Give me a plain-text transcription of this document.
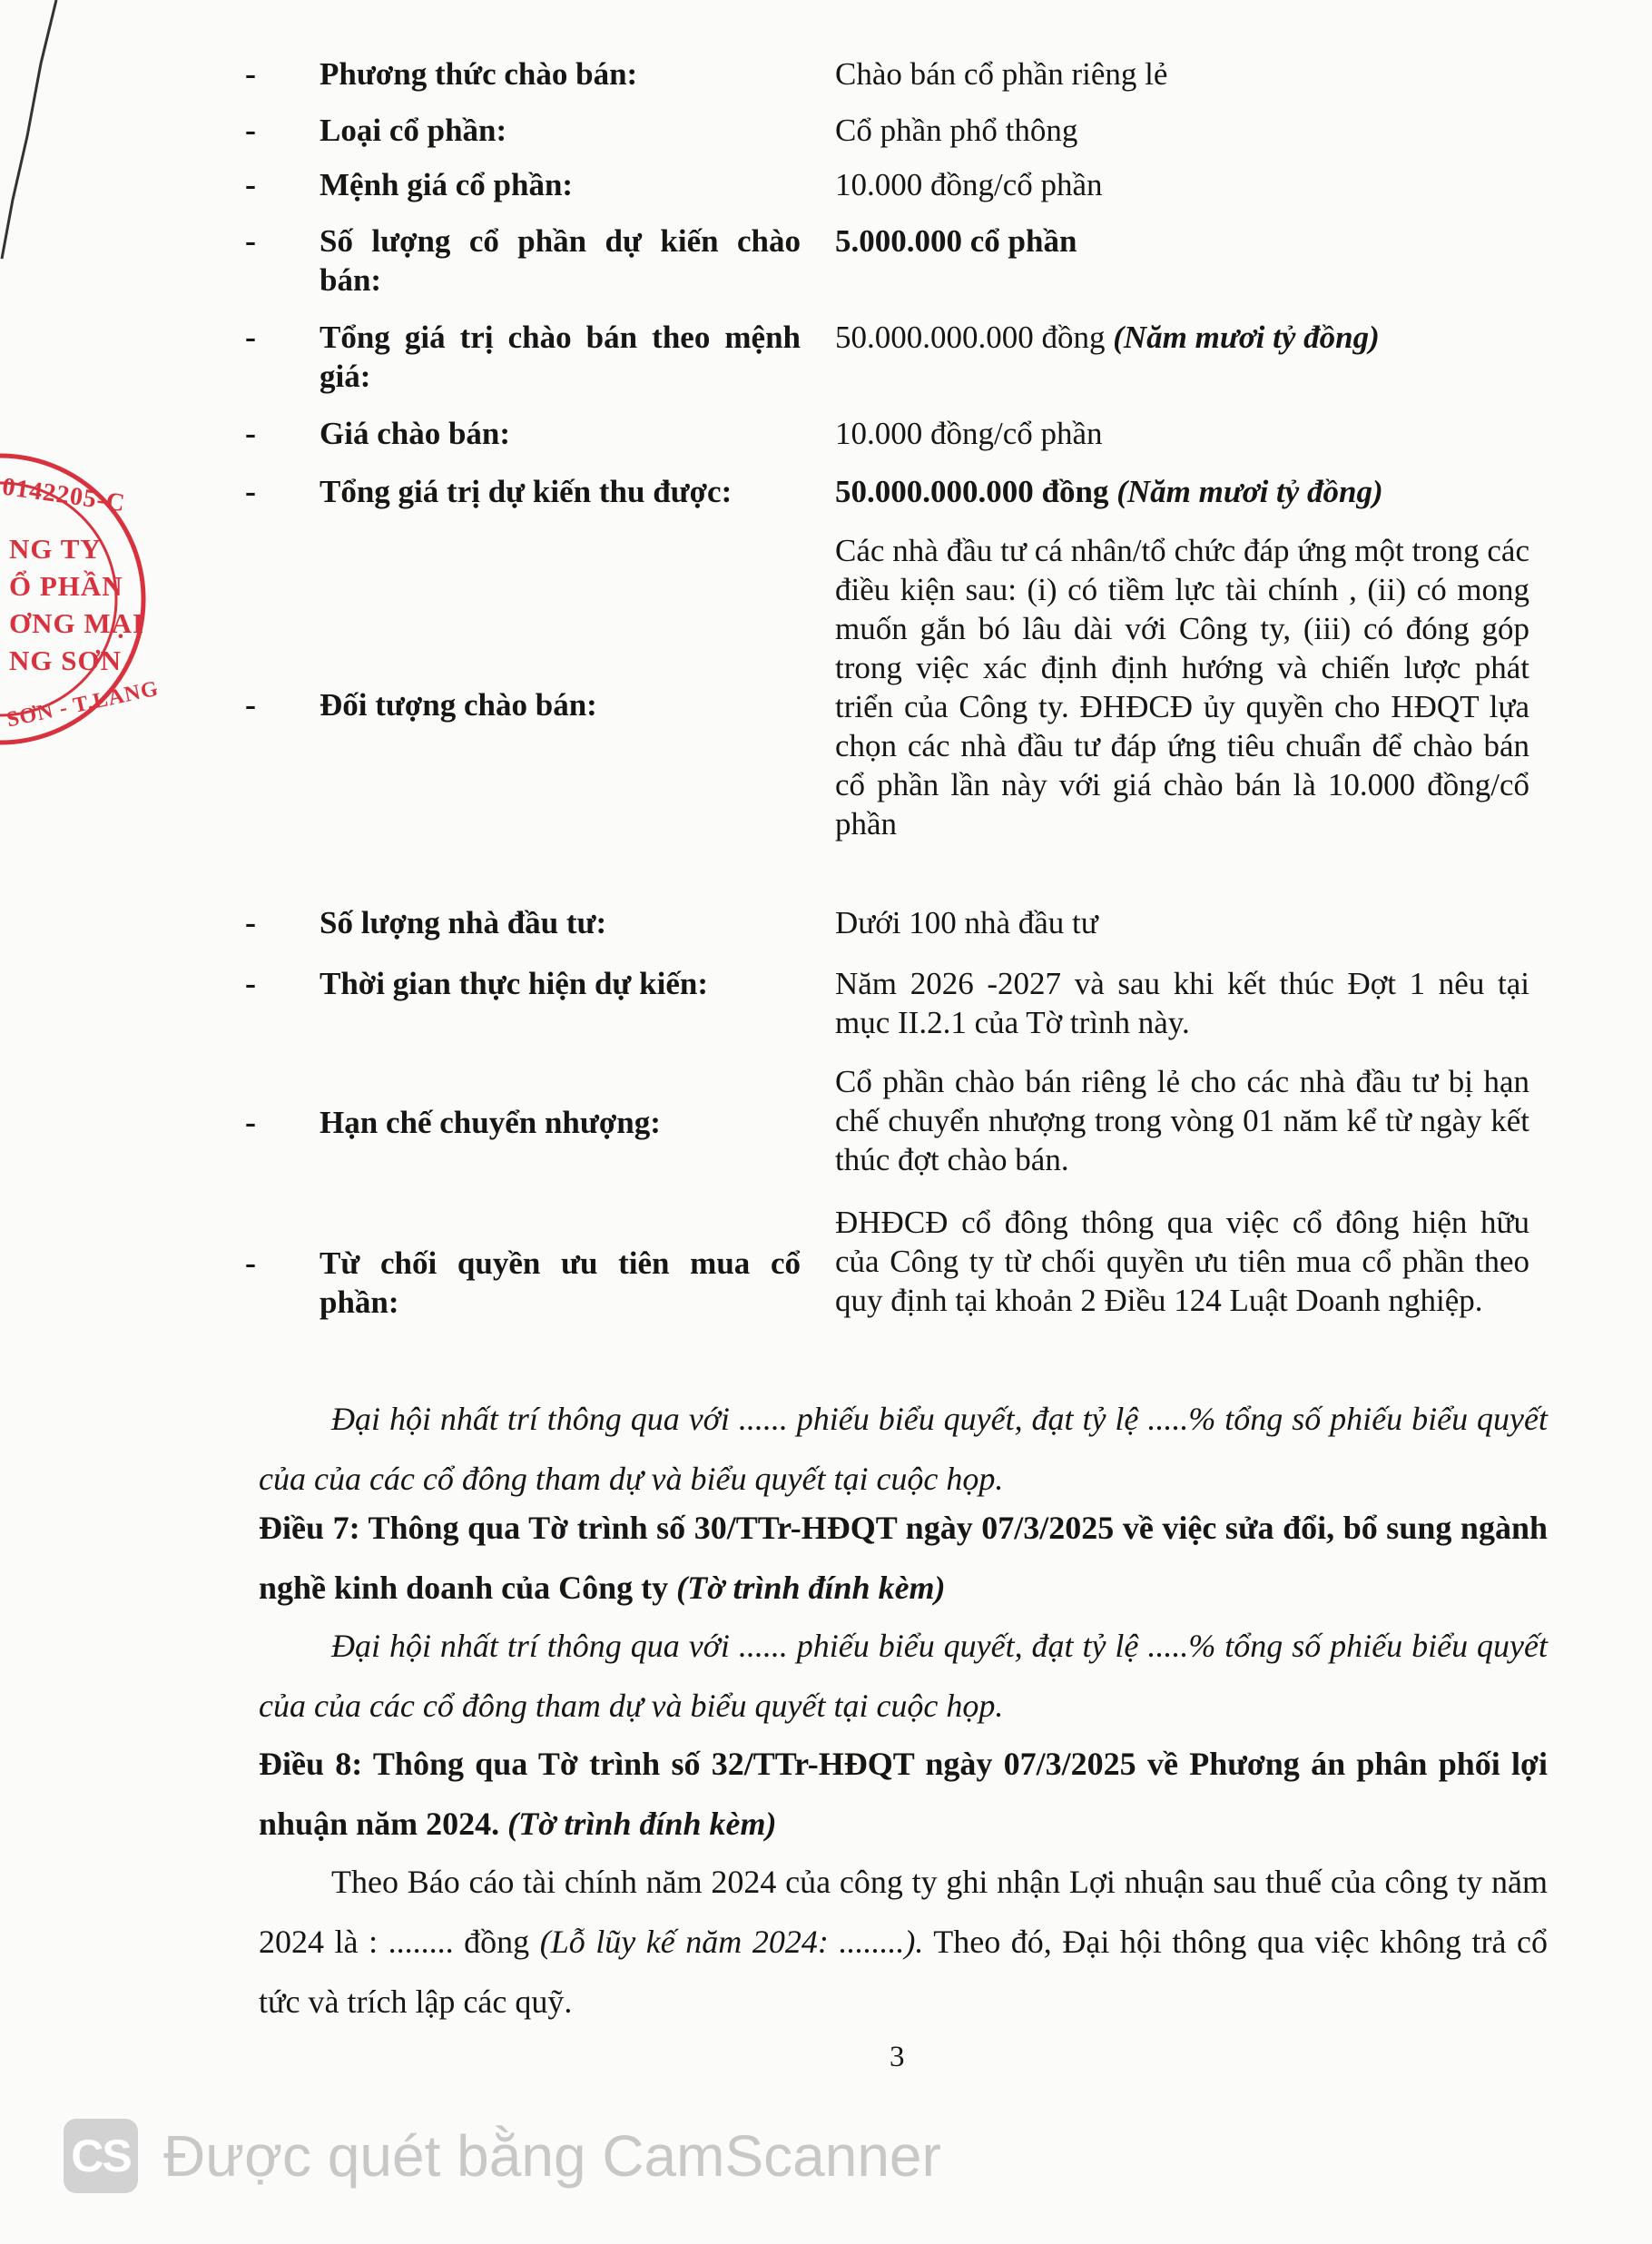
0142205-C
NG TY
Ổ PHẦN
ƠNG MẠI
NG SƠN
SƠN - T.LANG
- Phương thức chào bán:	Chào bán cổ phần riêng lẻ
- Loại cổ phần:	Cổ phần phổ thông
- Mệnh giá cổ phần:	10.000 đồng/cổ phần
- Số lượng cổ phần dự kiến chào bán:
5.000.000 cổ phần
- Tổng giá trị chào bán theo mệnh giá:
50.000.000.000 đồng (Năm mươi tỷ đồng)
- Giá chào bán:	10.000 đồng/cổ phần
- Tổng giá trị dự kiến thu được:	50.000.000.000 đồng (Năm mươi tỷ đồng)
- Đối tượng chào bán:
Các nhà đầu tư cá nhân/tổ chức đáp ứng một trong các điều kiện sau: (i) có tiềm lực tài chính , (ii) có mong muốn gắn bó lâu dài với Công ty, (iii) có đóng góp trong việc xác định định hướng và chiến lược phát triển của Công ty. ĐHĐCĐ ủy quyền cho HĐQT lựa chọn các nhà đầu tư đáp ứng tiêu chuẩn để chào bán cổ phần lần này với giá chào bán là 10.000 đồng/cổ phần
- Số lượng nhà đầu tư:	Dưới 100 nhà đầu tư
- Thời gian thực hiện dự kiến:	Năm 2026 -2027 và sau khi kết thúc Đợt 1 nêu tại mục II.2.1 của Tờ trình này.
- Hạn chế chuyển nhượng:
Cổ phần chào bán riêng lẻ cho các nhà đầu tư bị hạn chế chuyển nhượng trong vòng 01 năm kể từ ngày kết thúc đợt chào bán.
- Từ chối quyền ưu tiên mua cổ phần:
ĐHĐCĐ cổ đông thông qua việc cổ đông hiện hữu của Công ty từ chối quyền ưu tiên mua cổ phần theo quy định tại khoản 2 Điều 124 Luật Doanh nghiệp.
Đại hội nhất trí thông qua với ...... phiếu biểu quyết, đạt tỷ lệ .....% tổng số phiếu biểu quyết của của các cổ đông tham dự và biểu quyết tại cuộc họp.
Điều 7: Thông qua Tờ trình số 30/TTr-HĐQT ngày 07/3/2025 về việc sửa đổi, bổ sung ngành nghề kinh doanh của Công ty (Tờ trình đính kèm)
Đại hội nhất trí thông qua với ...... phiếu biểu quyết, đạt tỷ lệ .....% tổng số phiếu biểu quyết của của các cổ đông tham dự và biểu quyết tại cuộc họp.
Điều 8: Thông qua Tờ trình số 32/TTr-HĐQT ngày 07/3/2025 về Phương án phân phối lợi nhuận năm 2024. (Tờ trình đính kèm)
Theo Báo cáo tài chính năm 2024 của công ty ghi nhận Lợi nhuận sau thuế của công ty năm 2024 là : ........ đồng (Lỗ lũy kế năm 2024: ........). Theo đó, Đại hội thông qua việc không trả cổ tức và trích lập các quỹ.
3
CS Được quét bằng CamScanner
